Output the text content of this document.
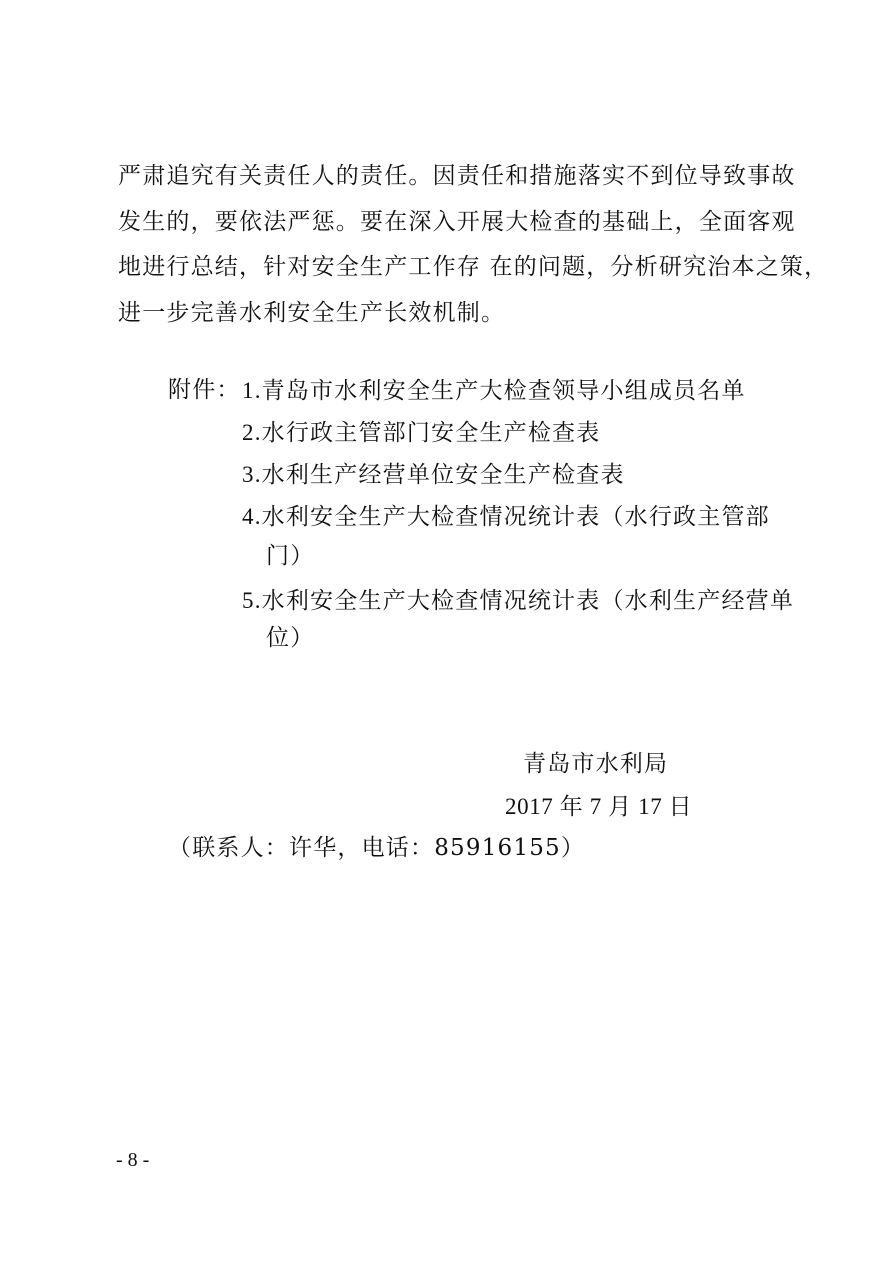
严肃追究有关责任人的责任。因责任和措施落实不到位导致事故
发生的，要依法严惩。要在深入开展大检查的基础上，全面客观
地进行总结，针对安全生产工作存 在的问题，分析研究治本之策，
进一步完善水利安全生产长效机制。
附件： 1.青岛市水利安全生产大检查领导小组成员名单
2.水行政主管部门安全生产检查表
3.水利生产经营单位安全生产检查表
4.水利安全生产大检查情况统计表（水行政主管部
门）
5.水利安全生产大检查情况统计表（水利生产经营单
位）
青岛市水利局
2017 年 7 月 17 日
（联系人：许华，电话：85916155）
- 8 -
